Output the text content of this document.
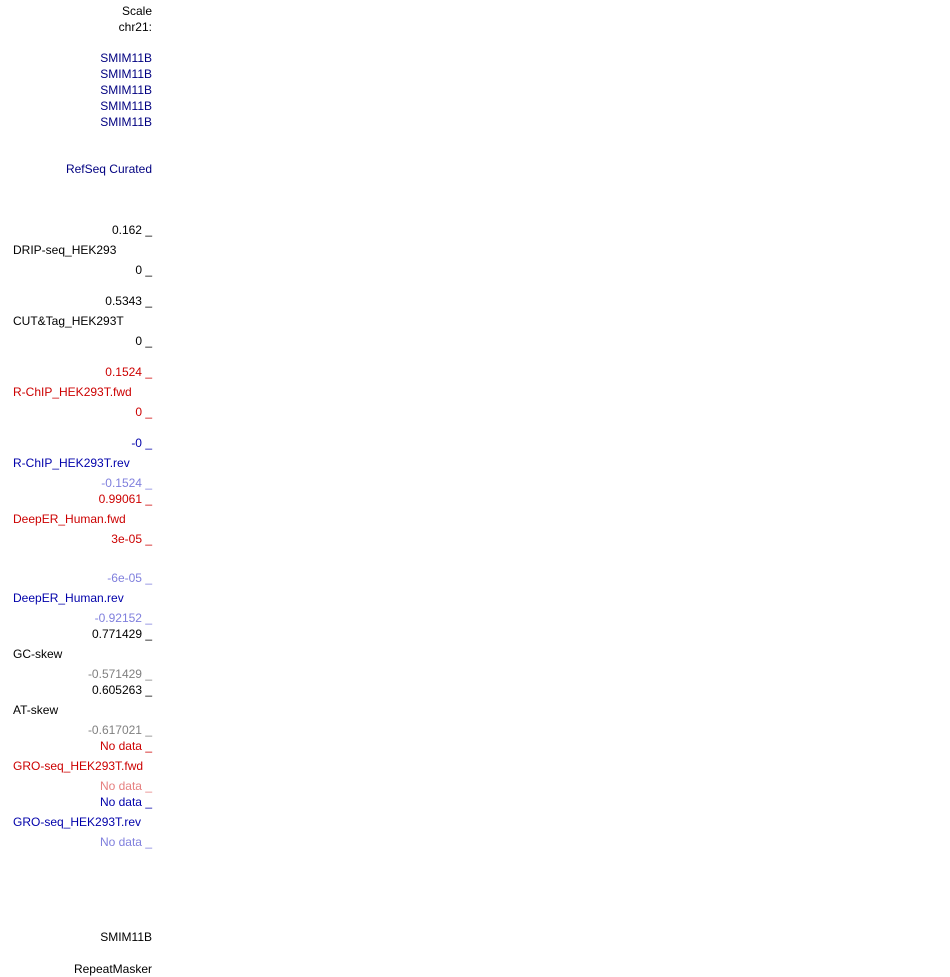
Scale
chr21:
SMIM11B
SMIM11B
SMIM11B
SMIM11B
SMIM11B
RefSeq Curated
0.162 _
DRIP-seq_HEK293
0 _
0.5343 _
CUT&Tag_HEK293T
0 _
0.1524 _
R-ChIP_HEK293T.fwd
0 _
-0 _
R-ChIP_HEK293T.rev
-0.1524 _
0.99061 _
DeepER_Human.fwd
3e-05 _
-6e-05 _
DeepER_Human.rev
-0.92152 _
0.771429 _
GC-skew
-0.571429 _
0.605263 _
AT-skew
-0.617021 _
No data _
GRO-seq_HEK293T.fwd
No data _
No data _
GRO-seq_HEK293T.rev
No data _
SMIM11B
RepeatMasker
